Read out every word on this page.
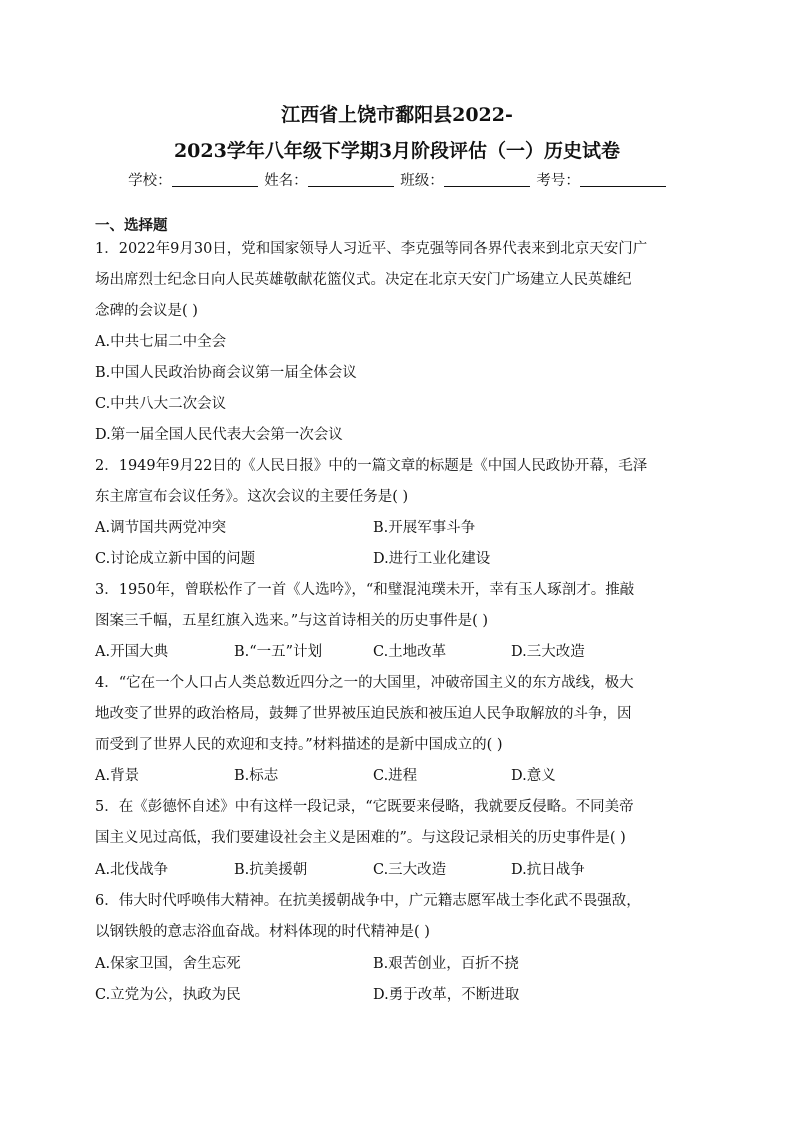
江西省上饶市鄱阳县2022-
2023学年八年级下学期3月阶段评估（一）历史试卷
学校：	姓名：	班级：	考号：
一、选择题
1．2022年9月30日，党和国家领导人习近平、李克强等同各界代表来到北京天安门广
场出席烈士纪念日向人民英雄敬献花篮仪式。决定在北京天安门广场建立人民英雄纪
念碑的会议是( )
A.中共七届二中全会
B.中国人民政治协商会议第一届全体会议
C.中共八大二次会议
D.第一届全国人民代表大会第一次会议
2．1949年9月22日的《人民日报》中的一篇文章的标题是《中国人民政协开幕，毛泽
东主席宣布会议任务》。这次会议的主要任务是( )
A.调节国共两党冲突	B.开展军事斗争
C.讨论成立新中国的问题	D.进行工业化建设
3．1950年，曾联松作了一首《人选吟》，“和璧混沌璞未开，幸有玉人琢剖才。推敲
图案三千幅，五星红旗入选来。”与这首诗相关的历史事件是( )
A.开国大典	B.“一五”计划	C.土地改革	D.三大改造
4．“它在一个人口占人类总数近四分之一的大国里，冲破帝国主义的东方战线，极大
地改变了世界的政治格局，鼓舞了世界被压迫民族和被压迫人民争取解放的斗争，因
而受到了世界人民的欢迎和支持。”材料描述的是新中国成立的( )
A.背景	B.标志	C.进程	D.意义
5．在《彭德怀自述》中有这样一段记录，“它既要来侵略，我就要反侵略。不同美帝
国主义见过高低，我们要建设社会主义是困难的”。与这段记录相关的历史事件是( )
A.北伐战争	B.抗美援朝	C.三大改造	D.抗日战争
6．伟大时代呼唤伟大精神。在抗美援朝战争中，广元籍志愿军战士李化武不畏强敌，
以钢铁般的意志浴血奋战。材料体现的时代精神是( )
A.保家卫国，舍生忘死	B.艰苦创业，百折不挠
C.立党为公，执政为民	D.勇于改革，不断进取
